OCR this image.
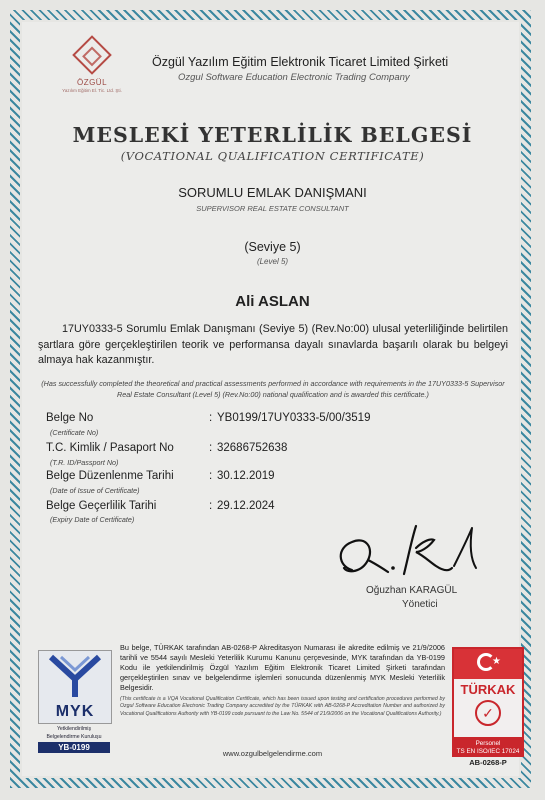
ÖZGÜL
Yazılım Eğitim El. Tic. Ltd. Şti.
Özgül Yazılım Eğitim Elektronik Ticaret Limited Şirketi
Ozgul Software Education Electronic Trading Company
MESLEKİ YETERLİLİK BELGESİ
(VOCATIONAL QUALIFICATION CERTIFICATE)
SORUMLU EMLAK DANIŞMANI
SUPERVISOR REAL ESTATE CONSULTANT
(Seviye 5)
(Level 5)
Ali ASLAN
17UY0333-5 Sorumlu Emlak Danışmanı (Seviye 5) (Rev.No:00) ulusal yeterliliğinde belirtilen şartlara göre gerçekleştirilen teorik ve performansa dayalı sınavlarda başarılı olarak bu belgeyi almaya hak kazanmıştır.
(Has successfully completed the theoretical and practical assessments performed in accordance with requirements in the 17UY0333-5 Supervisor Real Estate Consultant (Level 5) (Rev.No:00) national qualification and is awarded this certificate.)
Belge No
(Certificate No)
: YB0199/17UY0333-5/00/3519
T.C. Kimlik / Pasaport No
(T.R. ID/Passport No)
: 32686752638
Belge Düzenlenme Tarihi
(Date of Issue of Certificate)
: 30.12.2019
Belge Geçerlilik Tarihi
(Expiry Date of Certificate)
: 29.12.2024
Oğuzhan KARAGÜL
Yönetici
MYK
Yetkilendirilmiş
Belgelendirme Kuruluşu
YB-0199
★
TÜRKAK
✓
Personel
TS EN ISO/IEC 17024
AB-0268-P
Bu belge, TÜRKAK tarafından AB-0268-P Akreditasyon Numarası ile akredite edilmiş ve 21/9/2006 tarihli ve 5544 sayılı Mesleki Yeterlilik Kurumu Kanunu çerçevesinde, MYK tarafından da YB-0199 Kodu ile yetkilendirilmiş Özgül Yazılım Eğitim Elektronik Ticaret Limited Şirketi tarafından gerçekleştirilen sınav ve belgelendirme işlemleri sonucunda düzenlenmiş MYK Mesleki Yeterlilik Belgesidir.
(This certificate is a VQA Vocational Qualification Certificate, which has been issued upon testing and certification procedures performed by Ozgul Software Education Electronic Trading Company accredited by the TÜRKAK with AB-0268-P Accreditation Number and authorized by Vocational Qualifications Authority with YB-0199 code pursuant to the Law No. 5544 of 21/9/2006 on the Vocational Qualifications Authority.)
www.ozgulbelgelendirme.com
